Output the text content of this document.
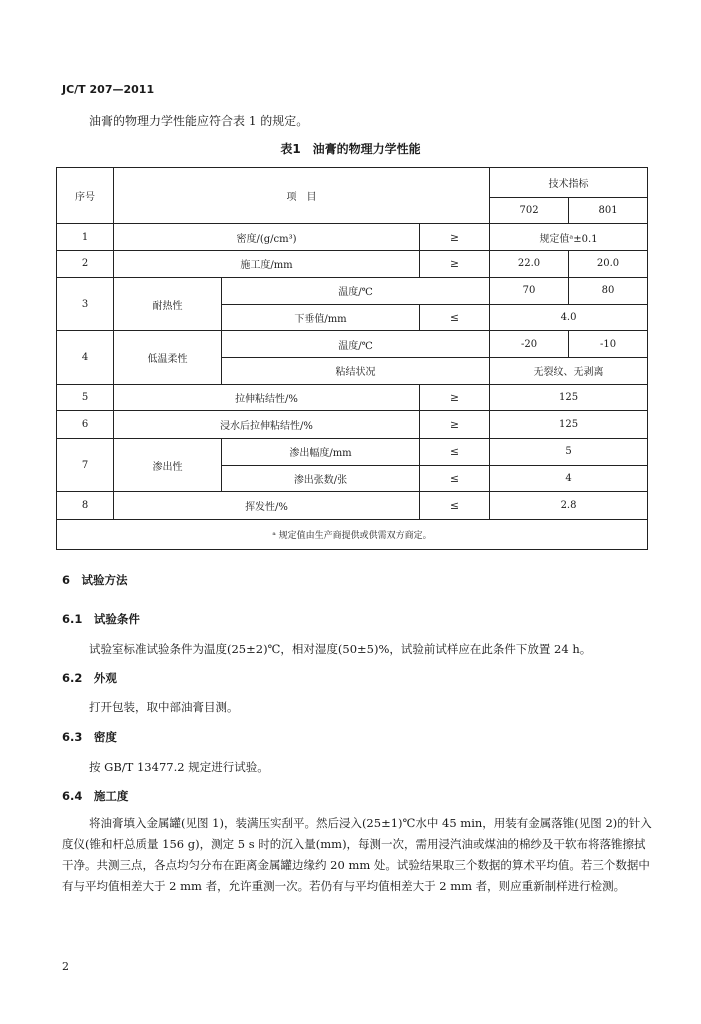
JC/T 207—2011
油膏的物理力学性能应符合表 1 的规定。
表1　油膏的物理力学性能
序号	项　目			技术指标	
				702	801
1	密度/(g/cm³)		≥	规定值ᵃ±0.1	
2	施工度/mm		≥	22.0	20.0
3	耐热性	温度/℃		70	80
		下垂值/mm	≤	4.0	
4	低温柔性	温度/℃		-20	-10
		粘结状况		无裂纹、无剥离	
5	拉伸粘结性/%		≥	125	
6	浸水后拉伸粘结性/%		≥	125	
7	渗出性	渗出幅度/mm	≤	5	
		渗出张数/张	≤	4	
8	挥发性/%		≤	2.8	
ᵃ 规定值由生产商提供或供需双方商定。					
6　试验方法
6.1　试验条件

试验室标准试验条件为温度(25±2)℃，相对湿度(50±5)%，试验前试样应在此条件下放置 24 h。

6.2　外观

打开包装，取中部油膏目测。

6.3　密度

按 GB/T 13477.2 规定进行试验。

6.4　施工度

将油膏填入金属罐(见图 1)，装满压实刮平。然后浸入(25±1)℃水中 45 min，用装有金属落锥(见图 2)的针入度仪(锥和杆总质量 156 g)，测定 5 s 时的沉入量(mm)，每测一次，需用浸汽油或煤油的棉纱及干软布将落锥擦拭干净。共测三点，各点均匀分布在距离金属罐边缘约 20 mm 处。试验结果取三个数据的算术平均值。若三个数据中有与平均值相差大于 2 mm 者，允许重测一次。若仍有与平均值相差大于 2 mm 者，则应重新制样进行检测。

2
